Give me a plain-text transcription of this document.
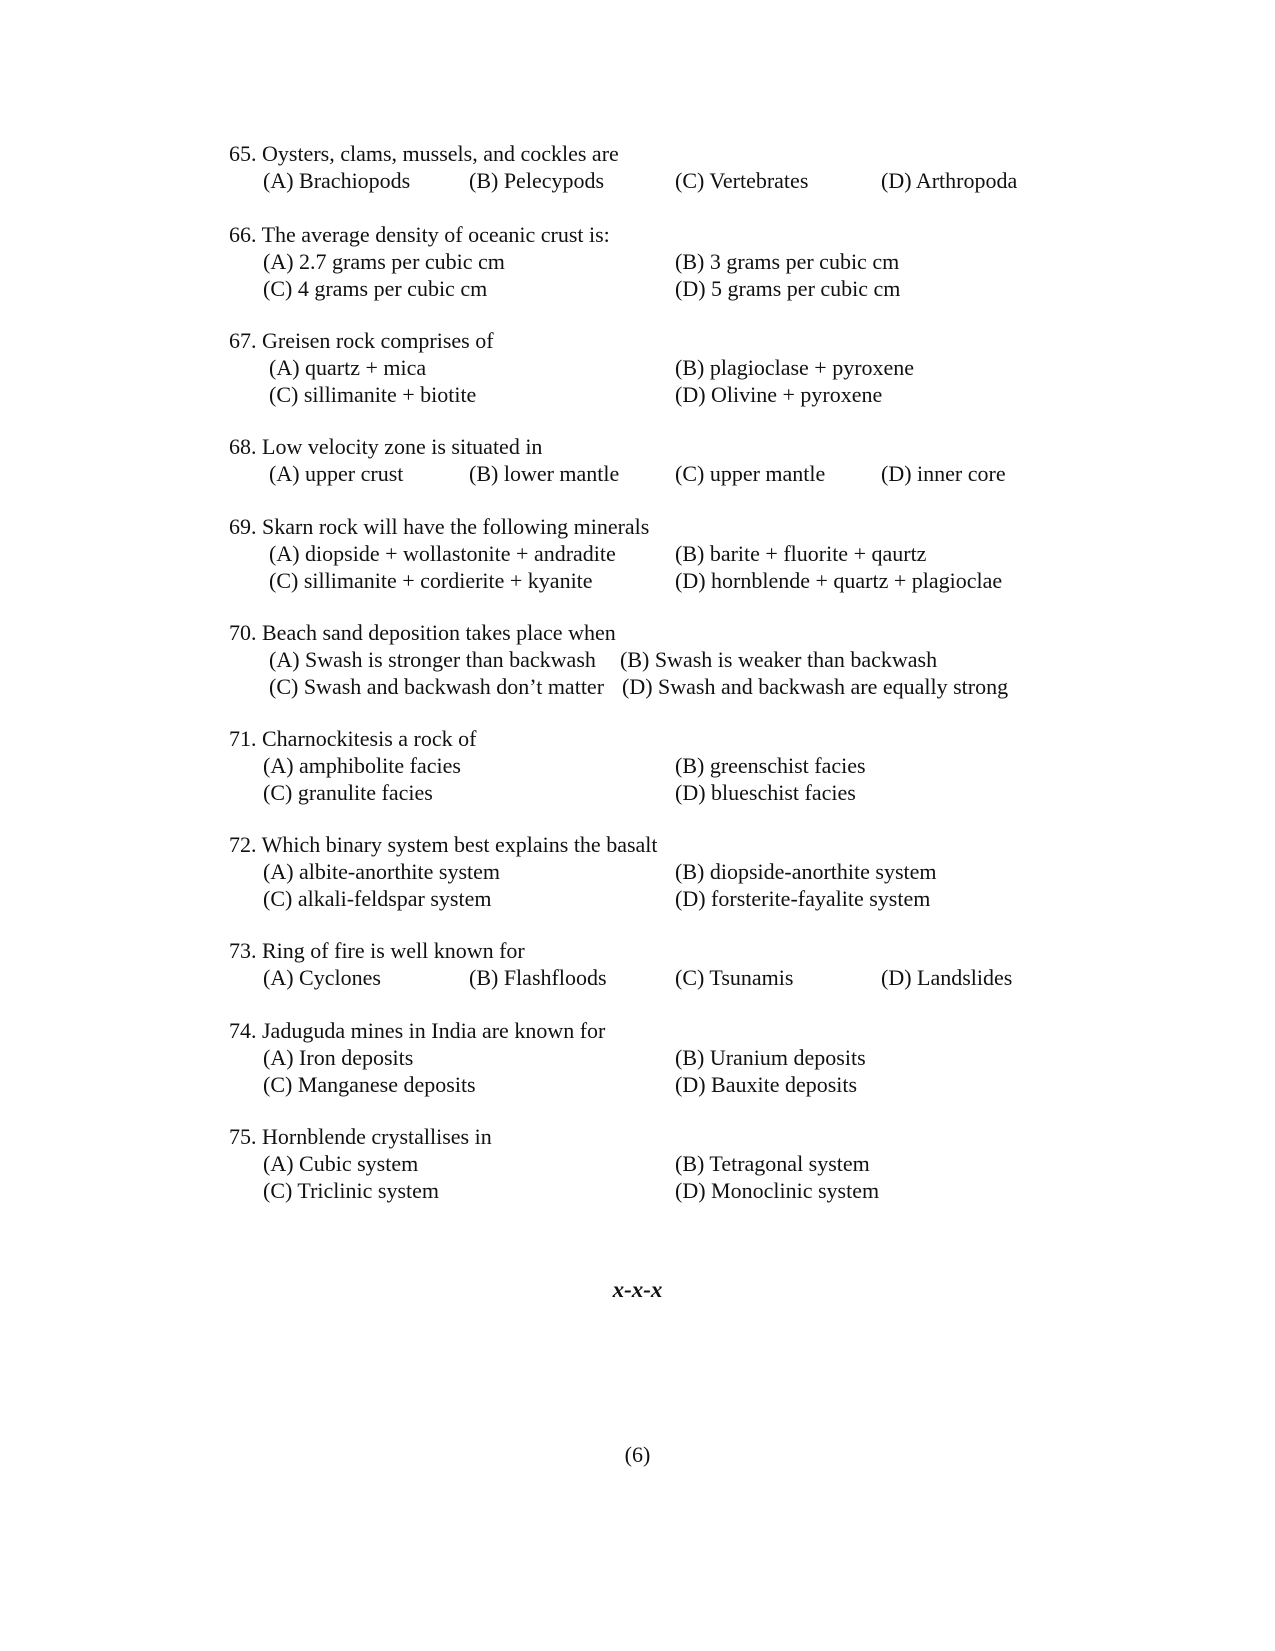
65. Oysters, clams, mussels, and cockles are
(A) Brachiopods	(B) Pelecypods	(C) Vertebrates	(D) Arthropoda
66. The average density of oceanic crust is:
(A) 2.7 grams per cubic cm	(B) 3 grams per cubic cm
(C) 4 grams per cubic cm	(D) 5 grams per cubic cm
67. Greisen rock comprises of
(A) quartz + mica	(B) plagioclase + pyroxene
(C) sillimanite + biotite	(D) Olivine + pyroxene
68. Low velocity zone is situated in
(A) upper crust	(B) lower mantle	(C) upper mantle	(D) inner core
69. Skarn rock will have the following minerals
(A) diopside + wollastonite + andradite	(B) barite + fluorite + qaurtz
(C) sillimanite + cordierite + kyanite	(D) hornblende + quartz + plagioclae
70. Beach sand deposition takes place when
(A) Swash is stronger than backwash (B) Swash is weaker than backwash
(C) Swash and backwash don’t matter (D) Swash and backwash are equally strong
71. Charnockitesis a rock of
(A) amphibolite facies	(B) greenschist facies
(C) granulite facies	(D) blueschist facies
72. Which binary system best explains the basalt
(A) albite-anorthite system	(B) diopside-anorthite system
(C) alkali-feldspar system	(D) forsterite-fayalite system
73. Ring of fire is well known for
(A) Cyclones	(B) Flashfloods	(C) Tsunamis	(D) Landslides
74. Jaduguda mines in India are known for
(A) Iron deposits	(B) Uranium deposits
(C) Manganese deposits	(D) Bauxite deposits
75. Hornblende crystallises in
(A) Cubic system	(B) Tetragonal system
(C) Triclinic system	(D) Monoclinic system
x-x-x
(6)
